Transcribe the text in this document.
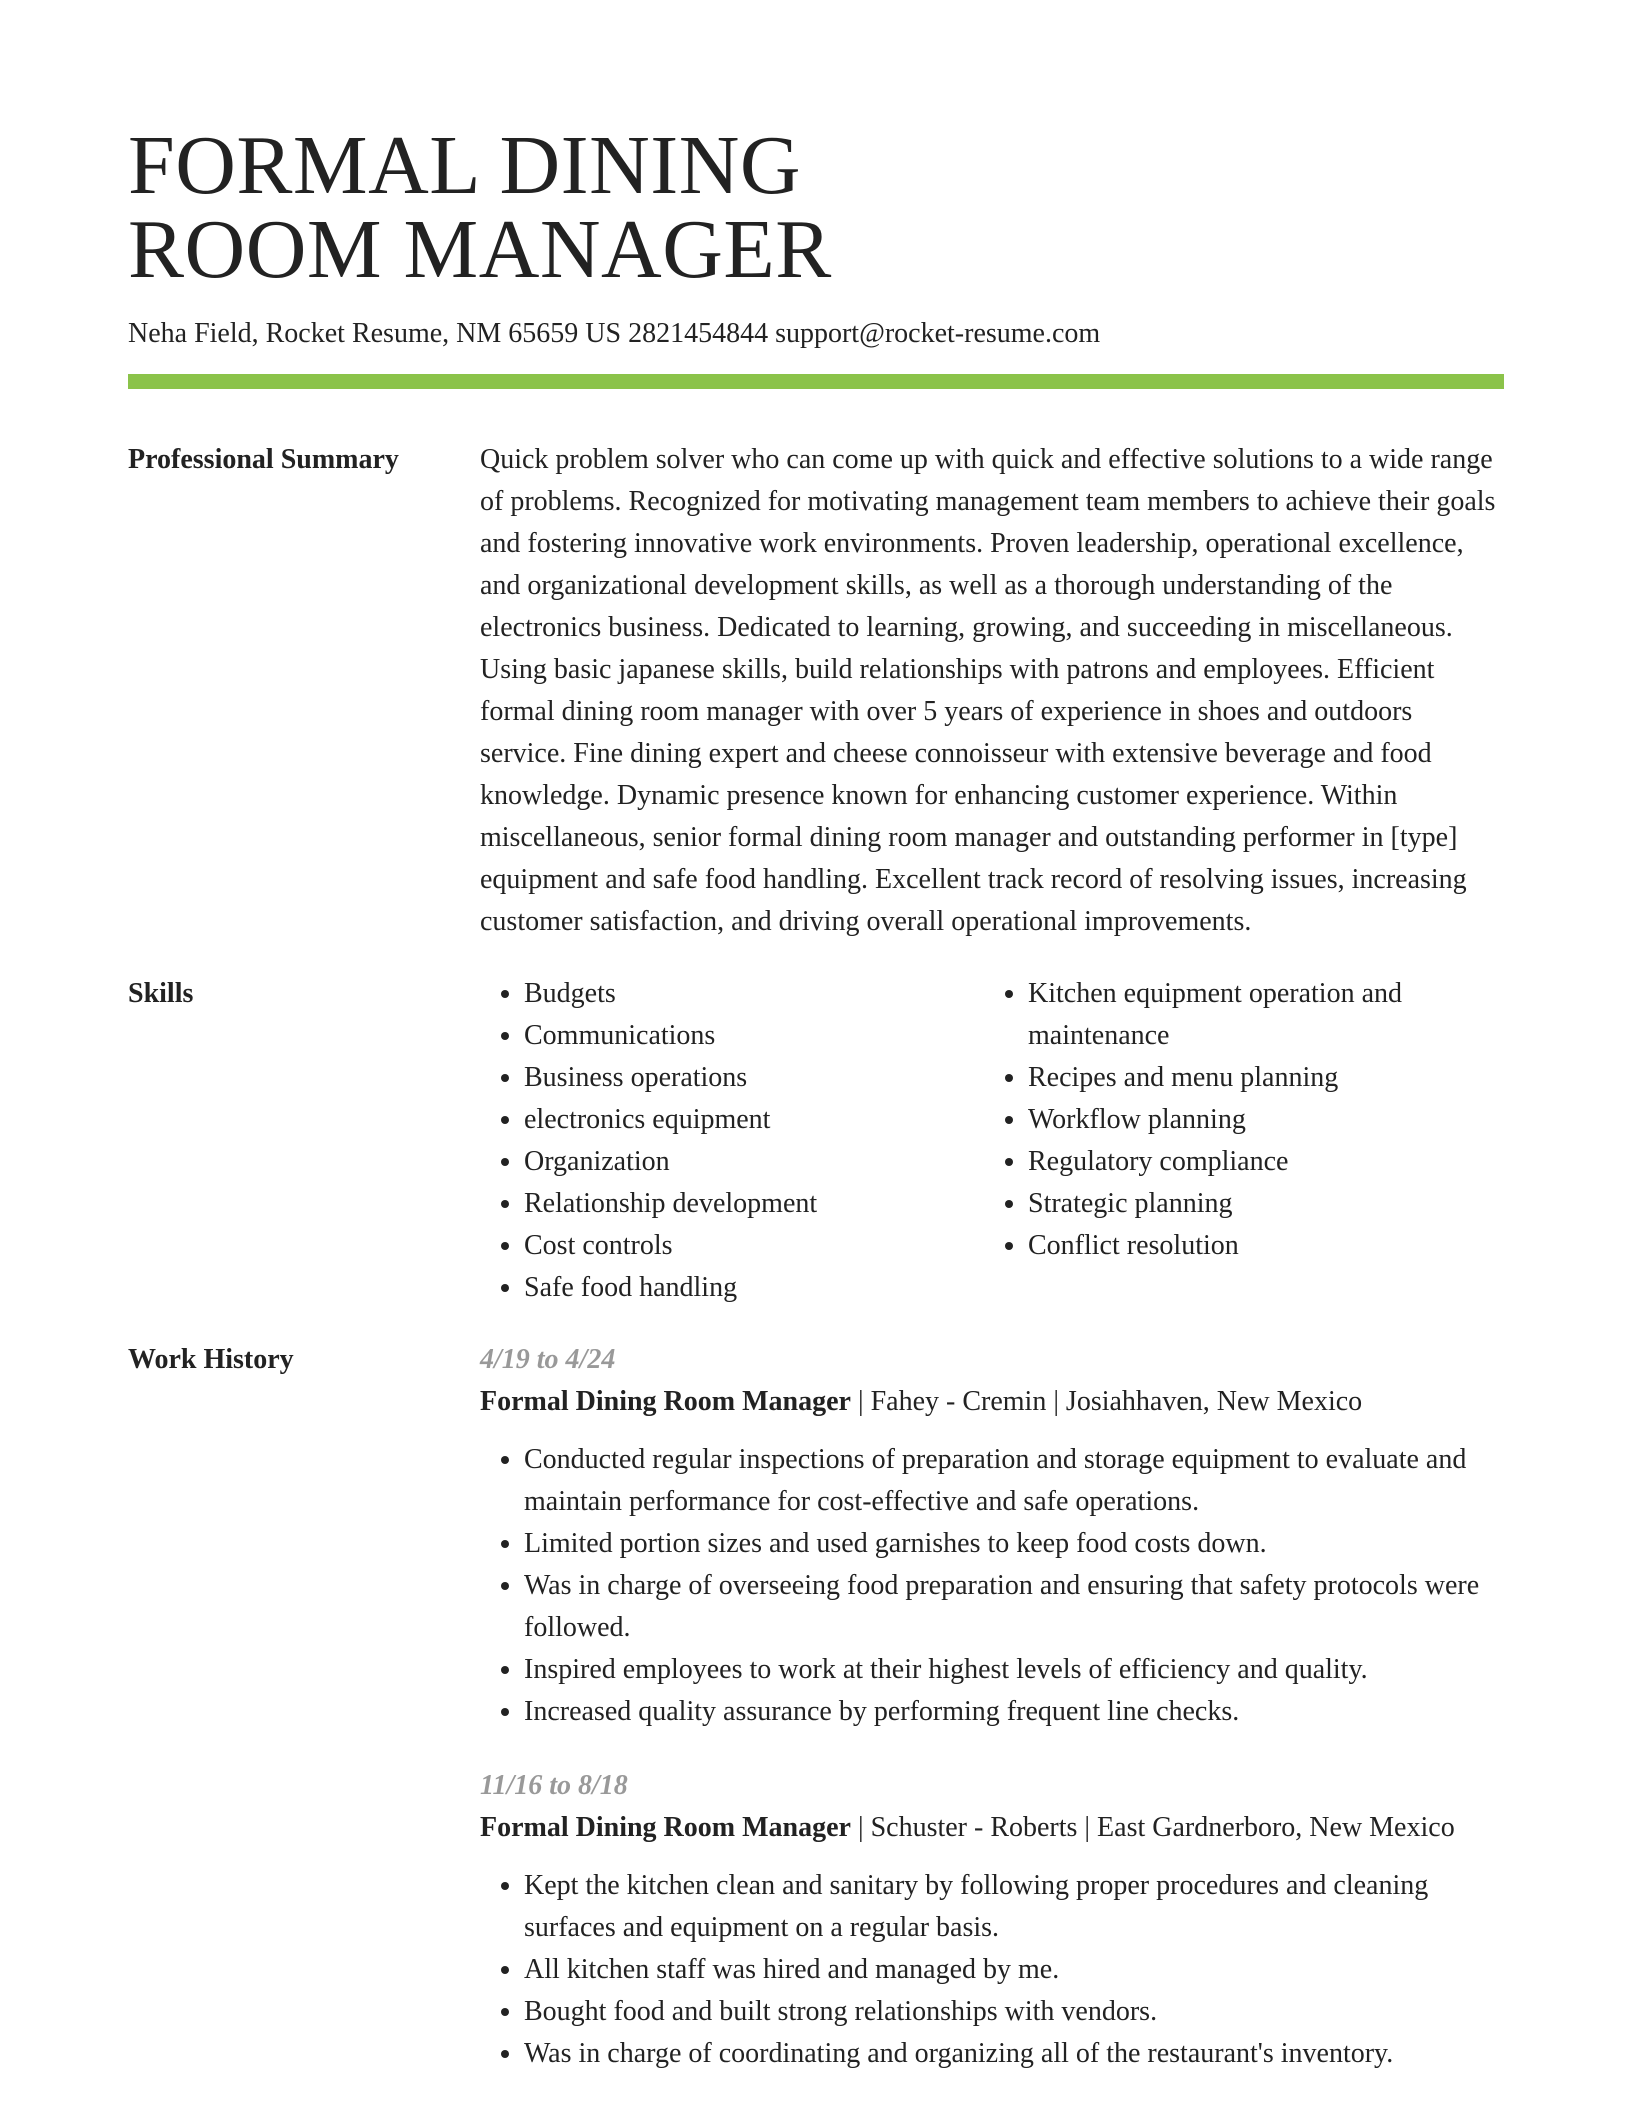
FORMAL DINING
ROOM MANAGER
Neha Field, Rocket Resume, NM 65659 US 2821454844 support@rocket-resume.com
Professional Summary	Quick problem solver who can come up with quick and effective solutions to a wide range of problems. Recognized for motivating management team members to achieve their goals and fostering innovative work environments. Proven leadership, operational excellence, and organizational development skills, as well as a thorough understanding of the electronics business. Dedicated to learning, growing, and succeeding in miscellaneous. Using basic japanese skills, build relationships with patrons and employees. Efficient formal dining room manager with over 5 years of experience in shoes and outdoors service. Fine dining expert and cheese connoisseur with extensive beverage and food knowledge. Dynamic presence known for enhancing customer experience. Within miscellaneous, senior formal dining room manager and outstanding performer in [type] equipment and safe food handling. Excellent track record of resolving issues, increasing customer satisfaction, and driving overall operational improvements.

Skills
•	Budgets
• Communications
• Business operations
• electronics equipment
• Organization
• Relationship development
• Cost controls
• Safe food handling
• Kitchen equipment operation and maintenance
• Recipes and menu planning
• Workflow planning
• Regulatory compliance
• Strategic planning
• Conflict resolution
Work History	4/19 to 4/24
Formal Dining Room Manager | Fahey - Cremin | Josiahhaven, New Mexico
• Conducted regular inspections of preparation and storage equipment to evaluate and maintain performance for cost-effective and safe operations.
• Limited portion sizes and used garnishes to keep food costs down.
• Was in charge of overseeing food preparation and ensuring that safety protocols were followed.
• Inspired employees to work at their highest levels of efficiency and quality.
• Increased quality assurance by performing frequent line checks.
11/16 to 8/18
Formal Dining Room Manager | Schuster - Roberts | East Gardnerboro, New Mexico
• Kept the kitchen clean and sanitary by following proper procedures and cleaning surfaces and equipment on a regular basis.
• All kitchen staff was hired and managed by me.
• Bought food and built strong relationships with vendors.
• Was in charge of coordinating and organizing all of the restaurant's inventory.
